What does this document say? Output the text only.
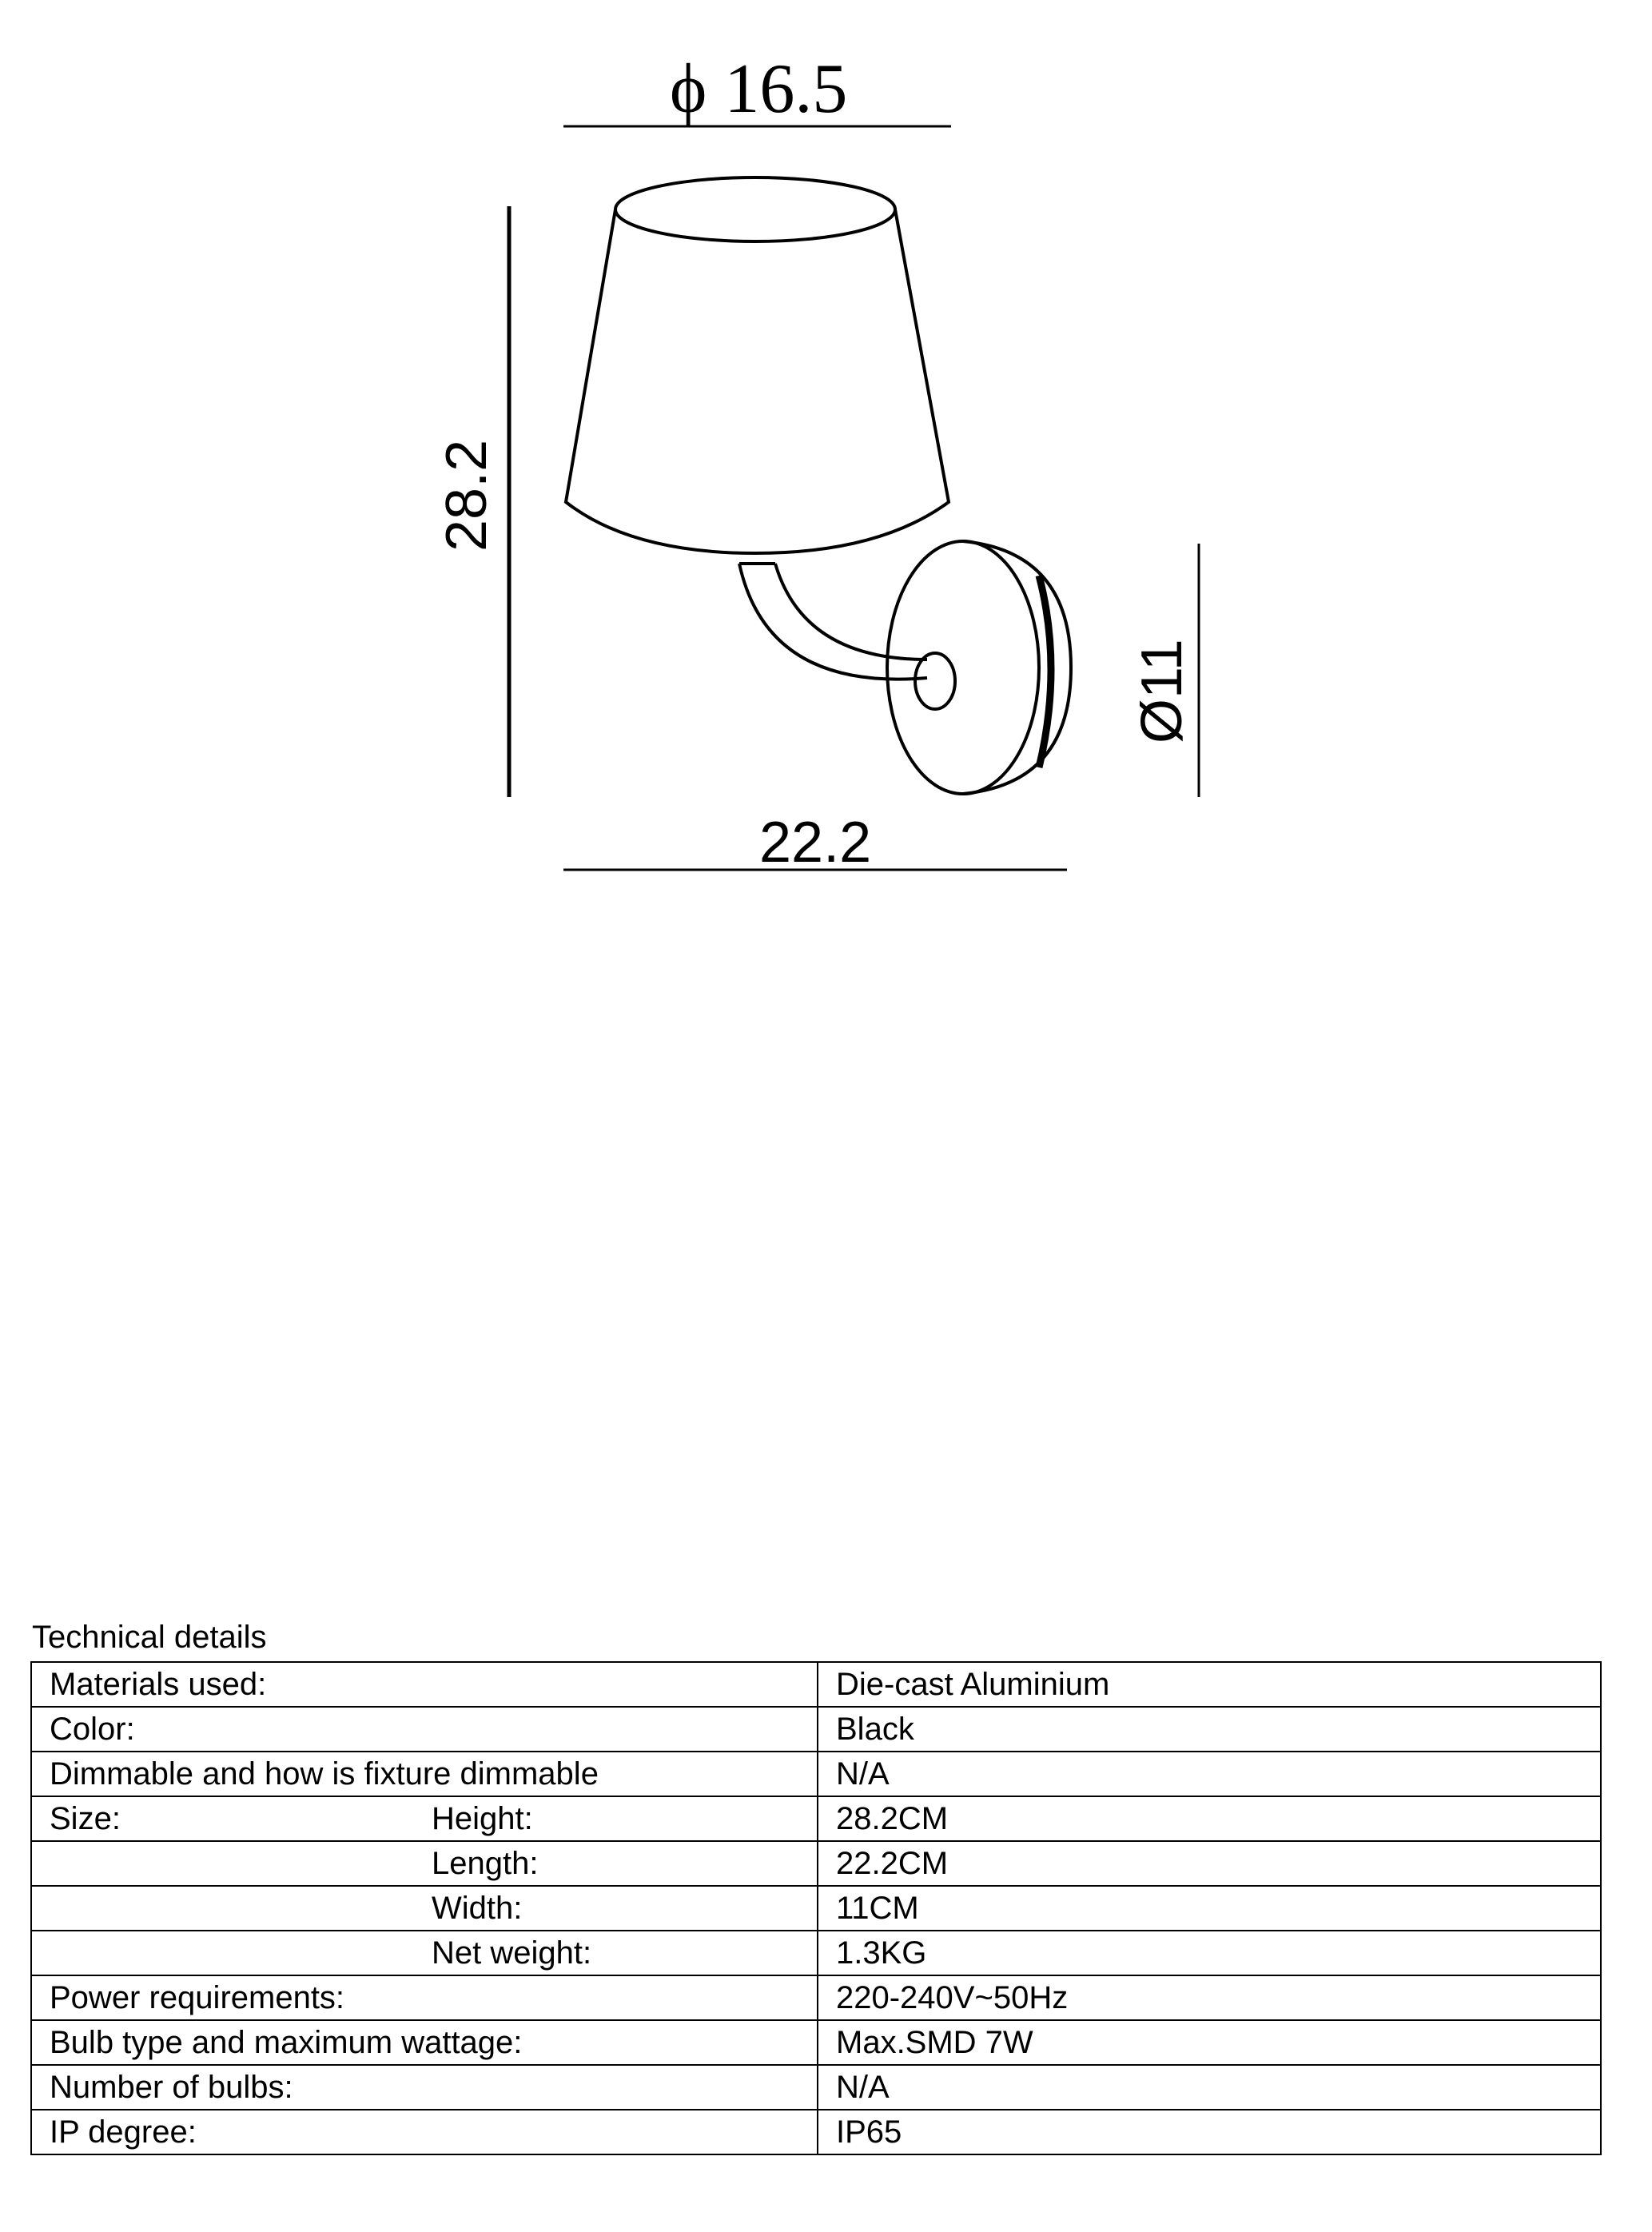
ϕ 16.5
28.2
Ø11
22.2
Technical details
Materials used:	Die-cast Aluminium
Color:	Black
Dimmable and how is fixture dimmable	N/A

Size: Height:	28.2CM

Length:	22.2CM

Width:	11CM

Net weight:	1.3KG
Power requirements:	220-240V~50Hz
Bulb type and maximum wattage:	Max.SMD 7W
Number of bulbs:	N/A
IP degree:	IP65
